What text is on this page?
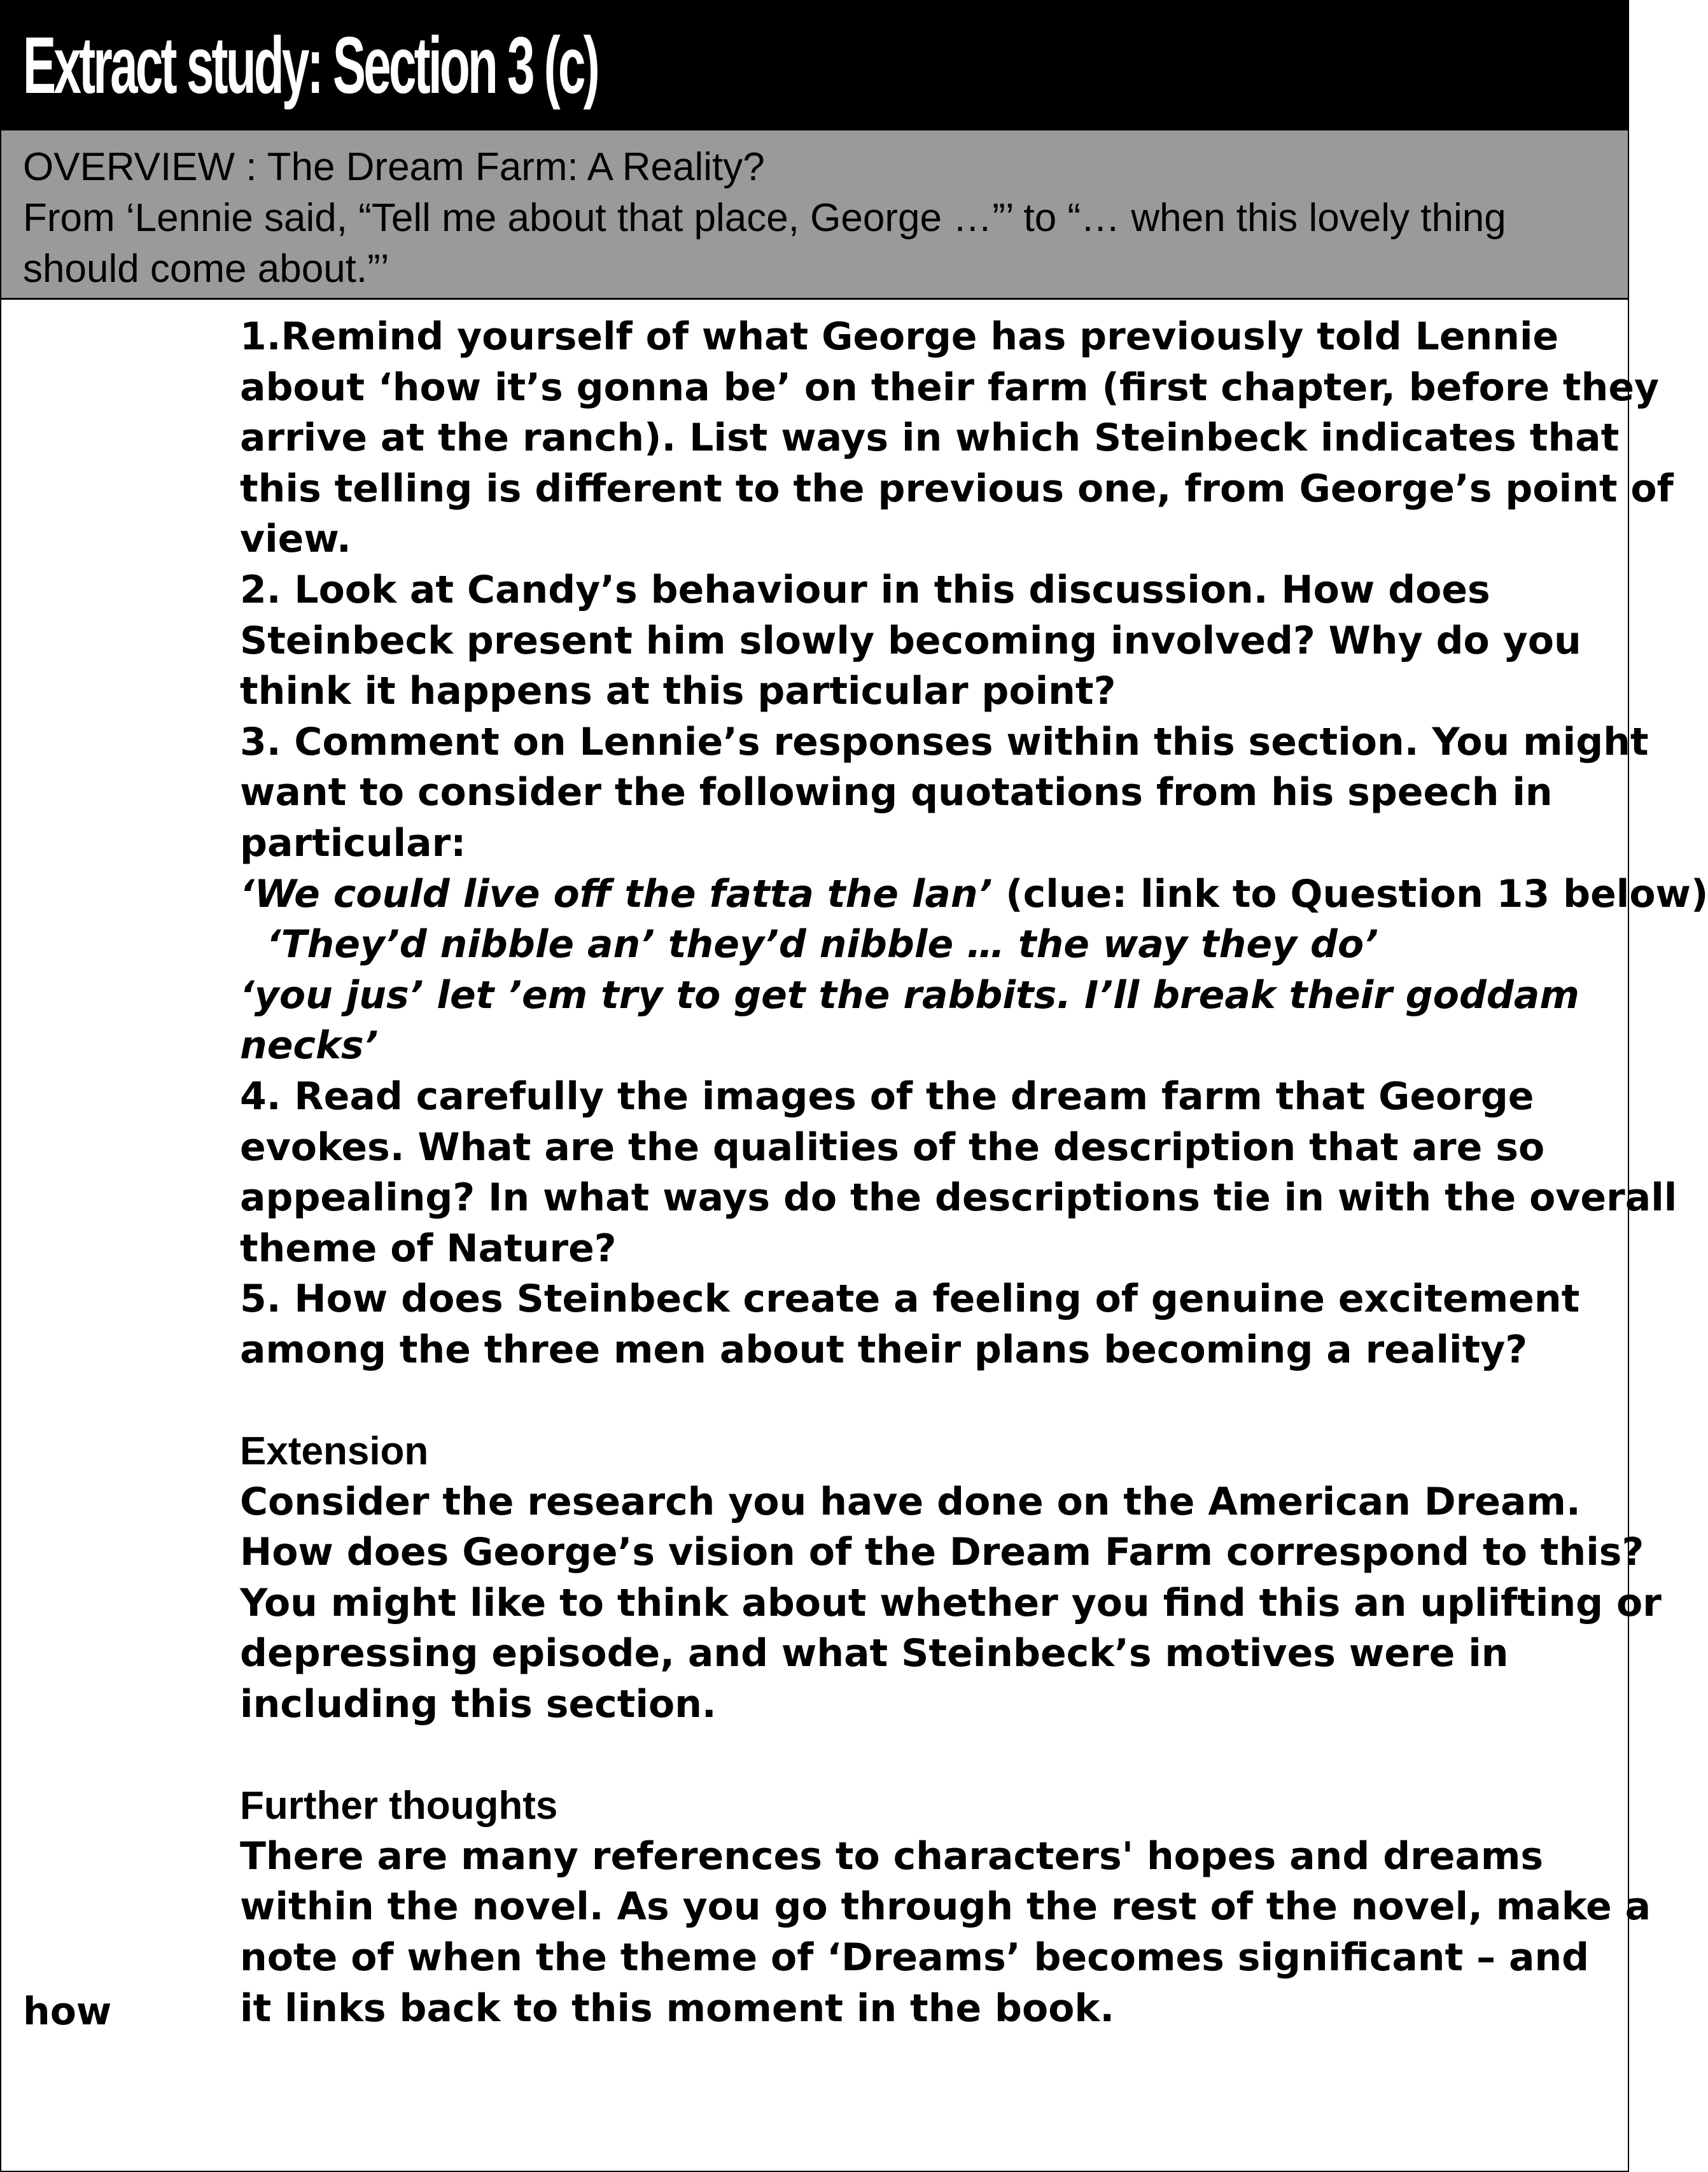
Extract study: Section 3 (c)
OVERVIEW : The Dream Farm: A Reality?
From ‘Lennie said, “Tell me about that place, George …”’ to “… when this lovely thing
should come about.”’
1.Remind yourself of what George has previously told Lennie
about ‘how it’s gonna be’ on their farm (first chapter, before they
arrive at the ranch). List ways in which Steinbeck indicates that
this telling is different to the previous one, from George’s point of
view.
2. Look at Candy’s behaviour in this discussion. How does
Steinbeck present him slowly becoming involved? Why do you
think it happens at this particular point?
3. Comment on Lennie’s responses within this section. You might
want to consider the following quotations from his speech in
particular:
‘We could live off the fatta the lan’ (clue: link to Question 13 below)
‘They’d nibble an’ they’d nibble … the way they do’
‘you jus’ let ’em try to get the rabbits. I’ll break their goddam
necks’
4. Read carefully the images of the dream farm that George
evokes. What are the qualities of the description that are so
appealing? In what ways do the descriptions tie in with the overall
theme of Nature?
5. How does Steinbeck create a feeling of genuine excitement
among the three men about their plans becoming a reality?
Extension
Consider the research you have done on the American Dream.
How does George’s vision of the Dream Farm correspond to this?
You might like to think about whether you find this an uplifting or
depressing episode, and what Steinbeck’s motives were in
including this section.
Further thoughts
There are many references to characters' hopes and dreams
within the novel. As you go through the rest of the novel, make a
note of when the theme of ‘Dreams’ becomes significant – and
it links back to this moment in the book.
how
